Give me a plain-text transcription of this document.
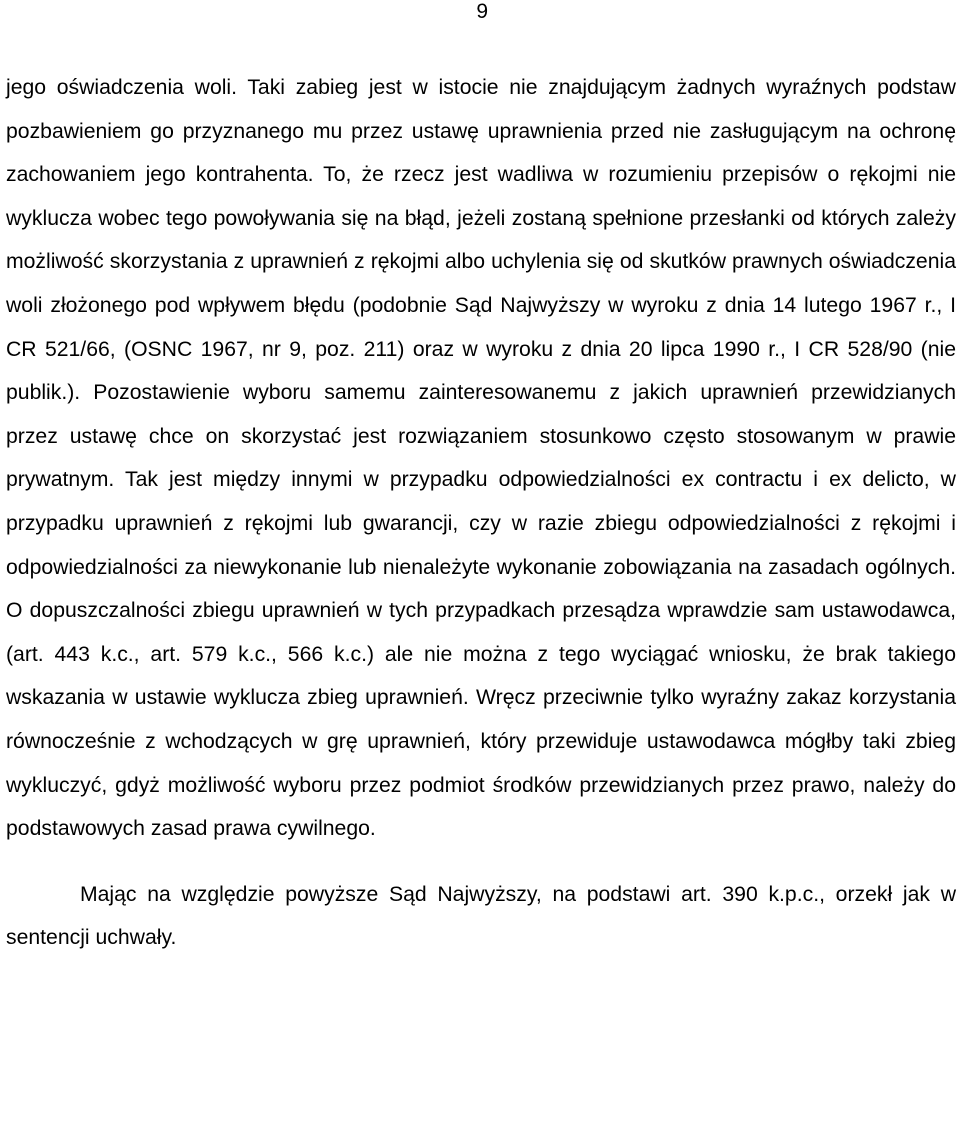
9

jego oświadczenia woli. Taki zabieg jest w istocie nie znajdującym żadnych wyraźnych podstaw pozbawieniem go przyznanego mu przez ustawę uprawnienia przed nie zasługującym na ochronę zachowaniem jego kontrahenta. To, że rzecz jest wadliwa w rozumieniu przepisów o rękojmi nie wyklucza wobec tego powoływania się na błąd, jeżeli zostaną spełnione przesłanki od których zależy możliwość skorzystania z uprawnień z rękojmi albo uchylenia się od skutków prawnych oświadczenia woli złożonego pod wpływem błędu (podobnie Sąd Najwyższy w wyroku z dnia 14 lutego 1967 r., I CR 521/66, (OSNC 1967, nr 9, poz. 211) oraz w wyroku z dnia 20 lipca 1990 r., I CR 528/90 (nie publik.). Pozostawienie wyboru samemu zainteresowanemu z jakich uprawnień przewidzianych przez ustawę chce on skorzystać jest rozwiązaniem stosunkowo często stosowanym w prawie prywatnym. Tak jest między innymi w przypadku odpowiedzialności ex contractu i ex delicto, w przypadku uprawnień z rękojmi lub gwarancji, czy w razie zbiegu odpowiedzialności z rękojmi i odpowiedzialności za niewykonanie lub nienależyte wykonanie zobowiązania na zasadach ogólnych. O dopuszczalności zbiegu uprawnień w tych przypadkach przesądza wprawdzie sam ustawodawca, (art. 443 k.c., art. 579 k.c., 566 k.c.) ale nie można z tego wyciągać wniosku, że brak takiego wskazania w ustawie wyklucza zbieg uprawnień. Wręcz przeciwnie tylko wyraźny zakaz korzystania równocześnie z wchodzących w grę uprawnień, który przewiduje ustawodawca mógłby taki zbieg wykluczyć, gdyż możliwość wyboru przez podmiot środków przewidzianych przez prawo, należy do podstawowych zasad prawa cywilnego.

Mając na względzie powyższe Sąd Najwyższy, na podstawi art. 390 k.p.c., orzekł jak w sentencji uchwały.
